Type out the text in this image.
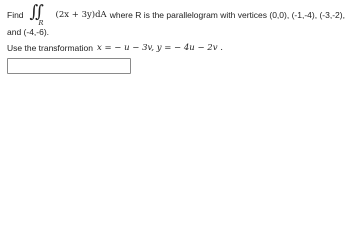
Find ∬
R
(2x + 3y)dA where R is the parallelogram with vertices (0,0), (-1,-4), (-3,-2),
and (-4,-6).
Use the transformation x = − u − 3v, y = − 4u − 2v .
